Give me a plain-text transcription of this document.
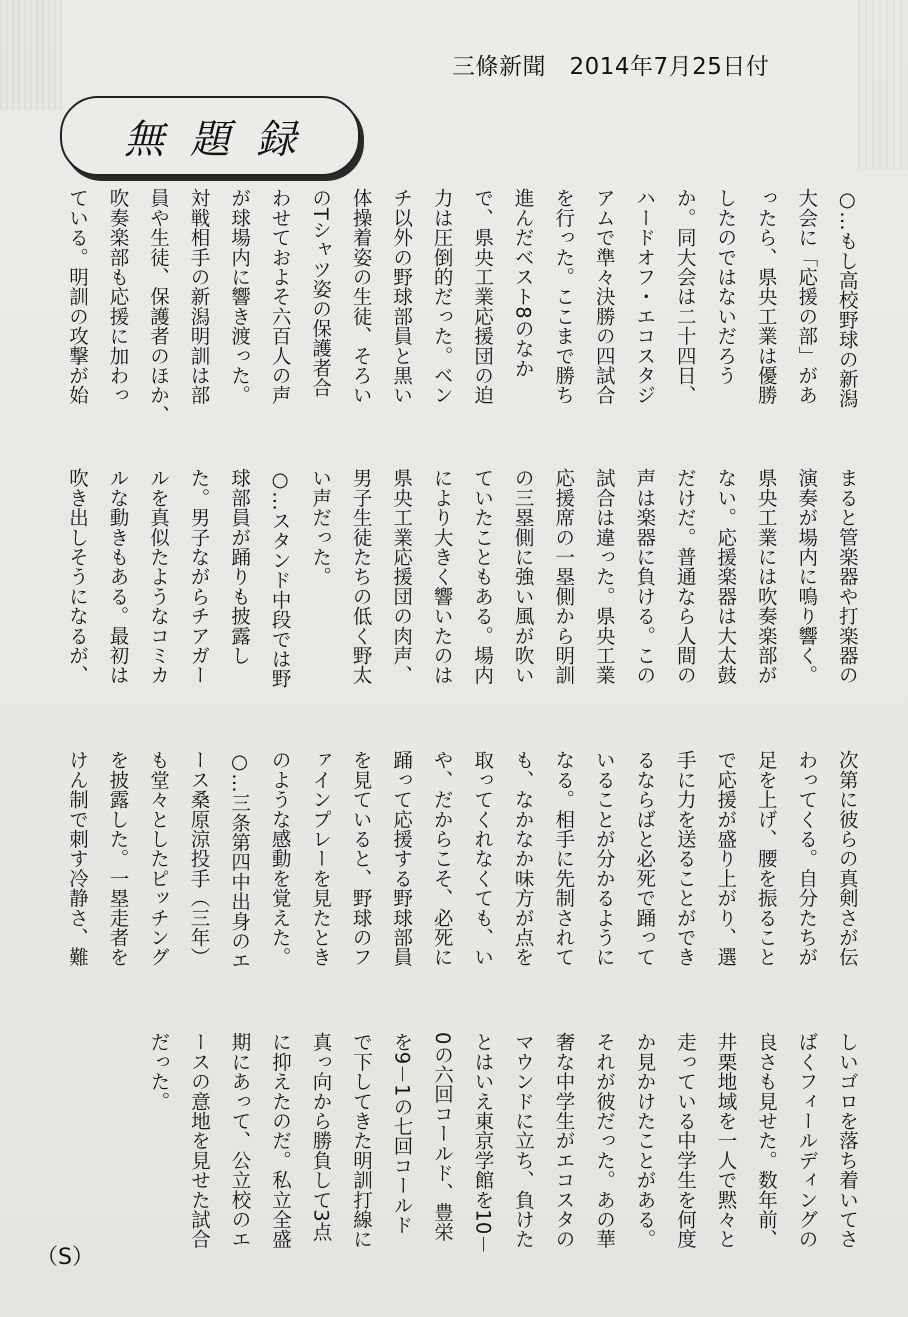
三條新聞　2014年7月25日付
無題録
○…もし高校野球の新潟
大会に「応援の部」があ
ったら、県央工業は優勝
したのではないだろう
か。同大会は二十四日、
ハードオフ・エコスタジ
アムで準々決勝の四試合
を行った。ここまで勝ち
進んだベスト8のなか
で、県央工業応援団の迫
力は圧倒的だった。ベン
チ以外の野球部員と黒い
体操着姿の生徒、そろい
のTシャツ姿の保護者合
わせておよそ六百人の声
が球場内に響き渡った。
対戦相手の新潟明訓は部
員や生徒、保護者のほか、
吹奏楽部も応援に加わっ
ている。明訓の攻撃が始
まると管楽器や打楽器の
演奏が場内に鳴り響く。
県央工業には吹奏楽部が
ない。応援楽器は大太鼓
だけだ。普通なら人間の
声は楽器に負ける。この
試合は違った。県央工業
応援席の一塁側から明訓
の三塁側に強い風が吹い
ていたこともある。場内
により大きく響いたのは
県央工業応援団の肉声、
男子生徒たちの低く野太
い声だった。
○…スタンド中段では野
球部員が踊りも披露し
た。男子ながらチアガー
ルを真似たようなコミカ
ルな動きもある。最初は
吹き出しそうになるが、
次第に彼らの真剣さが伝
わってくる。自分たちが
足を上げ、腰を振ること
で応援が盛り上がり、選
手に力を送ることができ
るならばと必死で踊って
いることが分かるように
なる。相手に先制されて
も、なかなか味方が点を
取ってくれなくても、い
や、だからこそ、必死に
踊って応援する野球部員
を見ていると、野球のフ
ァインプレーを見たとき
のような感動を覚えた。
○…三条第四中出身のエ
ース桑原涼投手（三年）
も堂々としたピッチング
を披露した。一塁走者を
けん制で刺す冷静さ、難
（S）
しいゴロを落ち着いてさ
ばくフィールディングの
良さも見せた。数年前、
井栗地域を一人で黙々と
走っている中学生を何度
か見かけたことがある。
それが彼だった。あの華
奢な中学生がエコスタの
マウンドに立ち、負けた
とはいえ東京学館を10－
0の六回コールド、豊栄
を9－1の七回コールド
で下してきた明訓打線に
真っ向から勝負して3点
に抑えたのだ。私立全盛
期にあって、公立校のエ
ースの意地を見せた試合
だった。
